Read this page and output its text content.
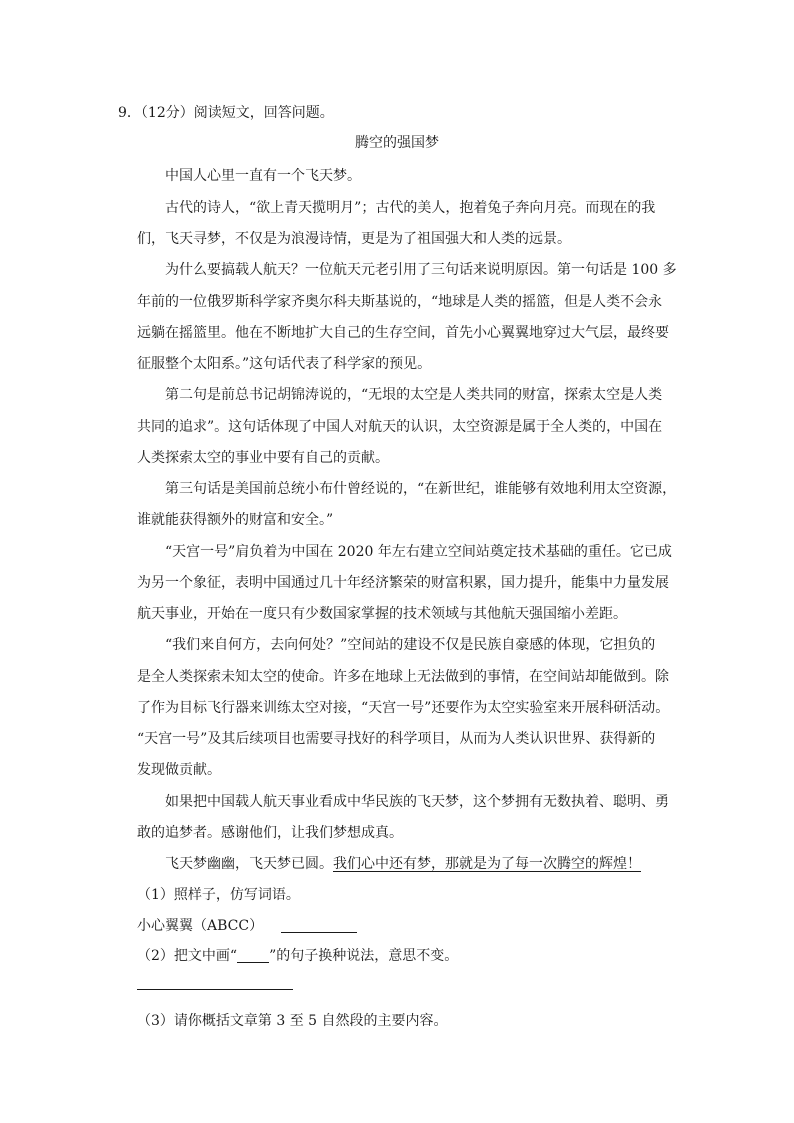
9．（12分）阅读短文，回答问题。
腾空的强国梦
中国人心里一直有一个飞天梦。
古代的诗人，“欲上青天揽明月”；古代的美人，抱着兔子奔向月亮。而现在的我
们，飞天寻梦，不仅是为浪漫诗情，更是为了祖国强大和人类的远景。
为什么要搞载人航天？一位航天元老引用了三句话来说明原因。第一句话是 100 多
年前的一位俄罗斯科学家齐奥尔科夫斯基说的，“地球是人类的摇篮，但是人类不会永
远躺在摇篮里。他在不断地扩大自己的生存空间，首先小心翼翼地穿过大气层，最终要
征服整个太阳系。”这句话代表了科学家的预见。
第二句是前总书记胡锦涛说的，“无垠的太空是人类共同的财富，探索太空是人类
共同的追求”。这句话体现了中国人对航天的认识，太空资源是属于全人类的，中国在
人类探索太空的事业中要有自己的贡献。
第三句话是美国前总统小布什曾经说的，“在新世纪，谁能够有效地利用太空资源，
谁就能获得额外的财富和安全。”
“天宫一号”肩负着为中国在 2020 年左右建立空间站奠定技术基础的重任。它已成
为另一个象征，表明中国通过几十年经济繁荣的财富积累，国力提升，能集中力量发展
航天事业，开始在一度只有少数国家掌握的技术领域与其他航天强国缩小差距。
“我们来自何方，去向何处？”空间站的建设不仅是民族自豪感的体现，它担负的
是全人类探索未知太空的使命。许多在地球上无法做到的事情，在空间站却能做到。除
了作为目标飞行器来训练太空对接，“天宫一号”还要作为太空实验室来开展科研活动。
“天宫一号”及其后续项目也需要寻找好的科学项目，从而为人类认识世界、获得新的
发现做贡献。
如果把中国载人航天事业看成中华民族的飞天梦，这个梦拥有无数执着、聪明、勇
敢的追梦者。感谢他们，让我们梦想成真。
飞天梦幽幽，飞天梦已圆。我们心中还有梦，那就是为了每一次腾空的辉煌！
（1）照样子，仿写词语。
小心翼翼（ABCC）
（2）把文中画“ ”的句子换种说法，意思不变。
（3）请你概括文章第 3 至 5 自然段的主要内容。
